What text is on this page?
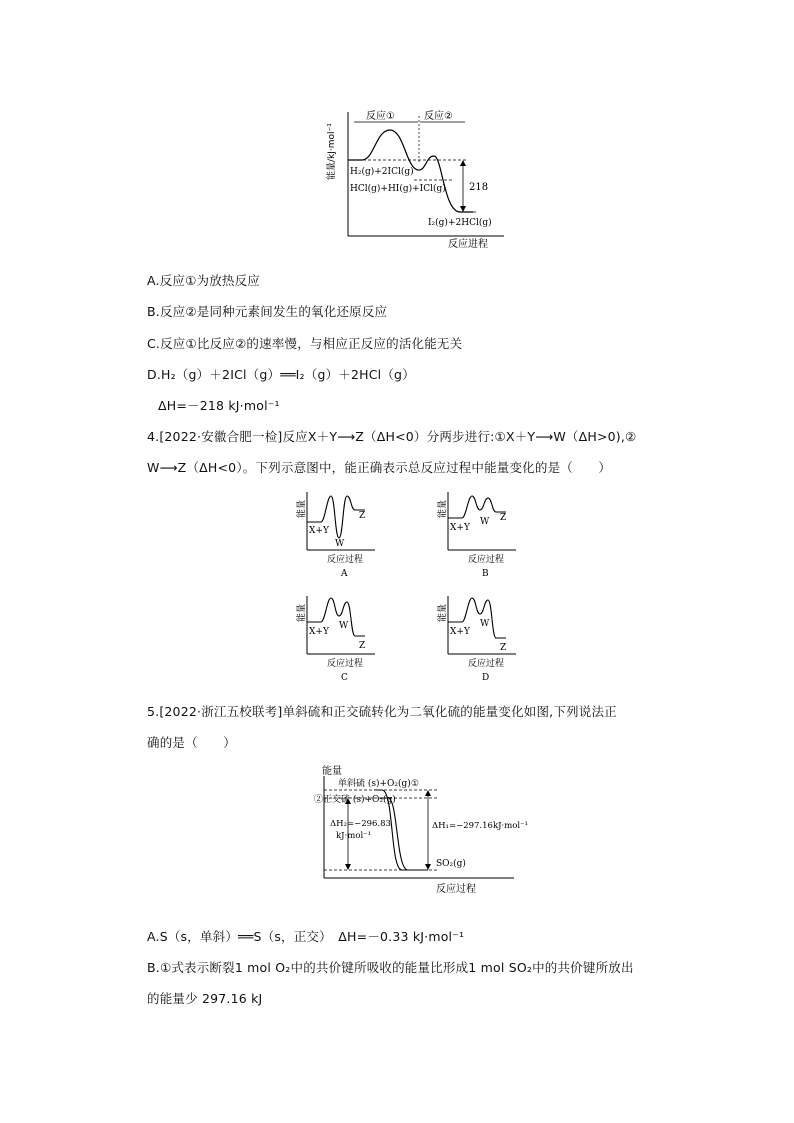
能量/kJ·mol⁻¹
反应进程
反应①	反应②
218
H₂(g)+2ICl(g)
HCl(g)+HI(g)+ICl(g)
I₂(g)+2HCl(g)
A.反应①为放热反应
B.反应②是同种元素间发生的氧化还原反应
C.反应①比反应②的速率慢，与相应正反应的活化能无关
D.H₂（g）＋2ICl（g）══I₂（g）＋2HCl（g）
ΔH=－218 kJ·mol⁻¹
4.[2022·安徽合肥一检]反应X＋Y⟶Z（ΔH<0）分两步进行:①X＋Y⟶W（ΔH>0),②
W⟶Z（ΔH<0）。下列示意图中，能正确表示总反应过程中能量变化的是（　　）
能量
X+Y
W
Z
反应过程
A
能量
X+Y
W Z
反应过程
B
能量
X+Y
W
Z
反应过程
C
能量
X+Y
W
Z
反应过程
D
5.[2022·浙江五校联考]单斜硫和正交硫转化为二氧化硫的能量变化如图,下列说法正
确的是（　　）
能量
反应过程
单斜硫 (s)+O₂(g)①
②正交硫 (s)+O₂(g)
ΔH₂=−296.83
kJ·mol⁻¹
ΔH₁=−297.16kJ·mol⁻¹
SO₂(g)
A.S（s，单斜）══S（s，正交）　ΔH=－0.33 kJ·mol⁻¹
B.①式表示断裂1 mol O₂中的共价键所吸收的能量比形成1 mol SO₂中的共价键所放出
的能量少 297.16 kJ
